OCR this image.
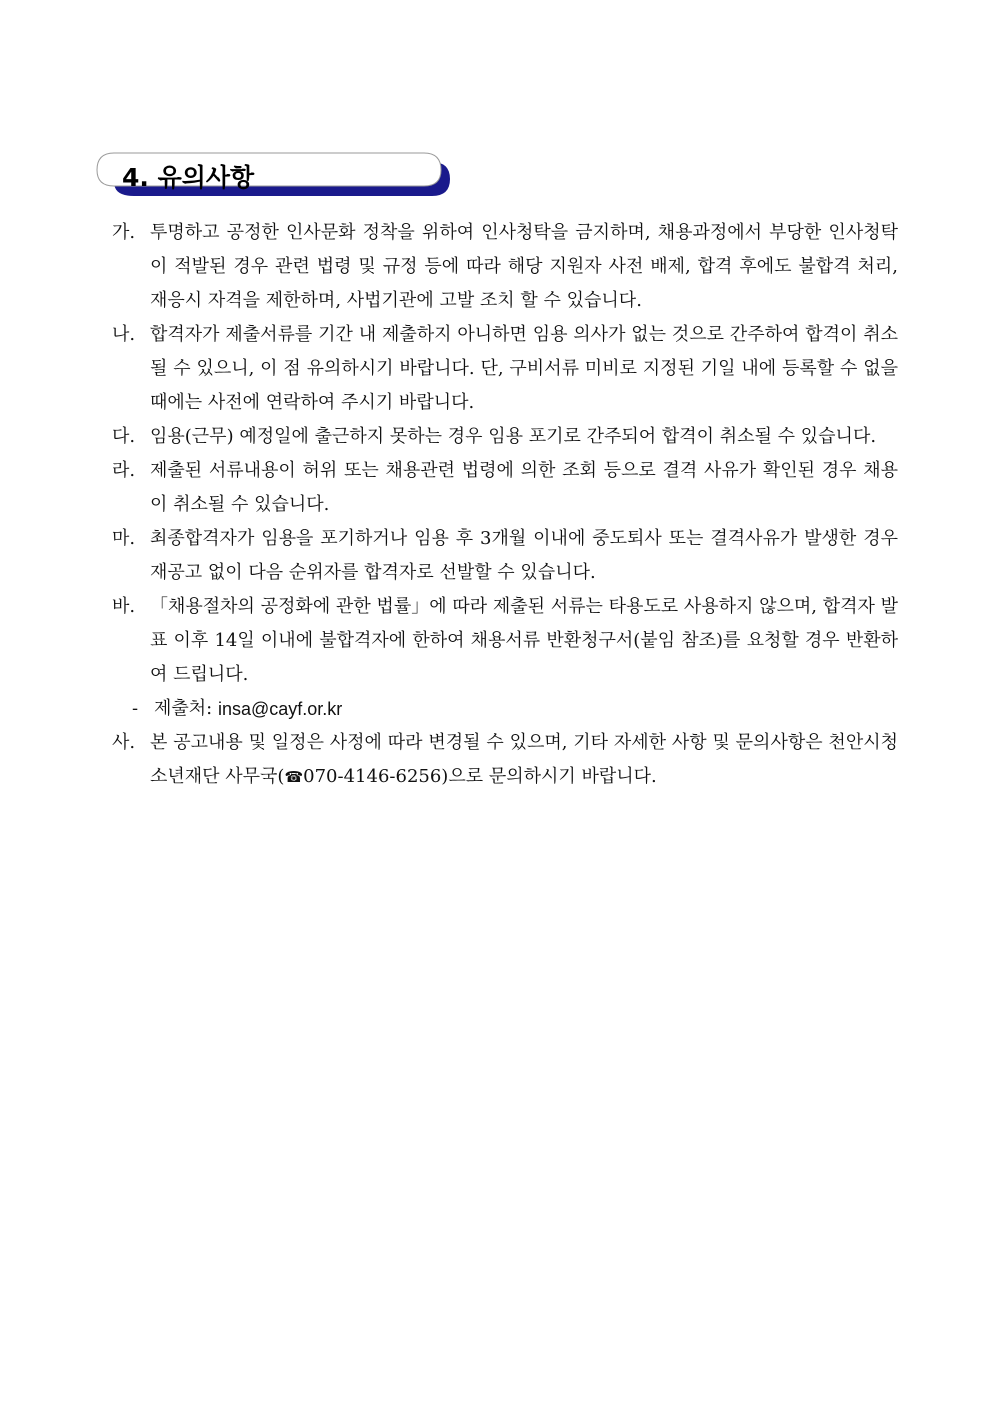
4. 유의사항
가. 투명하고 공정한 인사문화 정착을 위하여 인사청탁을 금지하며, 채용과정에서 부당한 인사청탁이 적발된 경우 관련 법령 및 규정 등에 따라 해당 지원자 사전 배제, 합격 후에도 불합격 처리, 재응시 자격을 제한하며, 사법기관에 고발 조치 할 수 있습니다.
나. 합격자가 제출서류를 기간 내 제출하지 아니하면 임용 의사가 없는 것으로 간주하여 합격이 취소될 수 있으니, 이 점 유의하시기 바랍니다. 단, 구비서류 미비로 지정된 기일 내에 등록할 수 없을 때에는 사전에 연락하여 주시기 바랍니다.
다. 임용(근무) 예정일에 출근하지 못하는 경우 임용 포기로 간주되어 합격이 취소될 수 있습니다.
라. 제출된 서류내용이 허위 또는 채용관련 법령에 의한 조회 등으로 결격 사유가 확인된 경우 채용이 취소될 수 있습니다.
마. 최종합격자가 임용을 포기하거나 임용 후 3개월 이내에 중도퇴사 또는 결격사유가 발생한 경우 재공고 없이 다음 순위자를 합격자로 선발할 수 있습니다.
바. 「채용절차의 공정화에 관한 법률」에 따라 제출된 서류는 타용도로 사용하지 않으며, 합격자 발표 이후 14일 이내에 불합격자에 한하여 채용서류 반환청구서(붙임 참조)를 요청할 경우 반환하여 드립니다.
- 제출처:
insa@cayf.or.kr
사. 본 공고내용 및 일정은 사정에 따라 변경될 수 있으며, 기타 자세한 사항 및 문의사항은 천안시청소년재단 사무국(☎070-4146-6256)으로 문의하시기 바랍니다.
